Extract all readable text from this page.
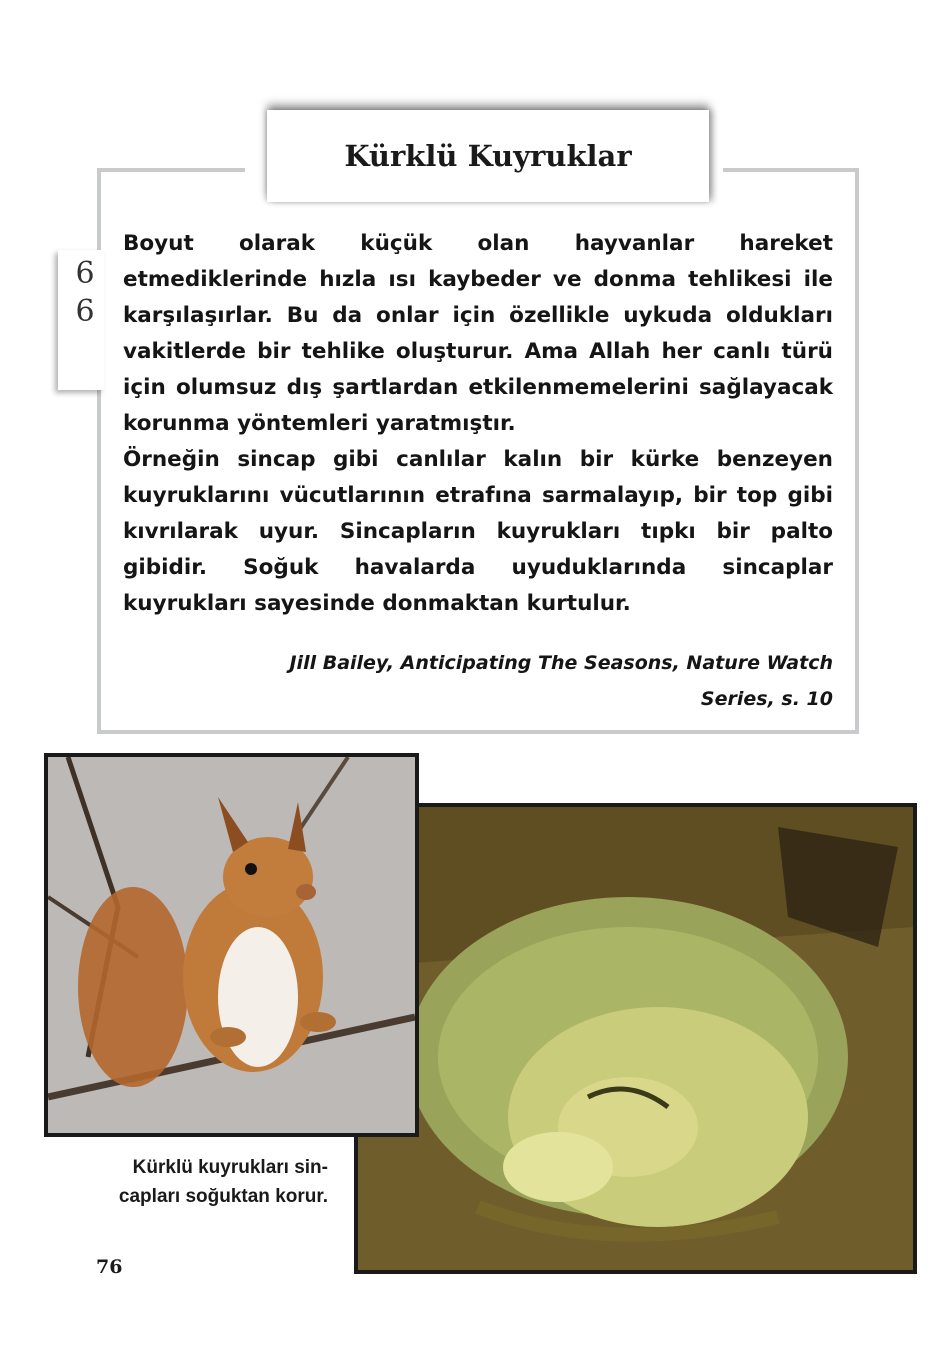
Kürklü Kuyruklar
6
6

Boyut olarak küçük olan hayvanlar hareket etmediklerinde hızla ısı kaybeder ve donma tehlikesi ile karşılaşırlar. Bu da onlar için özellikle uykuda oldukları vakitlerde bir tehlike oluşturur. Ama Allah her canlı türü için olumsuz dış şartlardan etkilenmemelerini sağlayacak korunma yöntemleri yaratmıştır.

Örneğin sincap gibi canlılar kalın bir kürke benzeyen kuyruklarını vücutlarının etrafına sarmalayıp, bir top gibi kıvrılarak uyur. Sincapların kuyrukları tıpkı bir palto gibidir. Soğuk havalarda uyuduklarında sincaplar kuyrukları sayesinde donmaktan kurtulur.

Jill Bailey, Anticipating The Seasons, Nature Watch
Series, s. 10
Kürklü kuyrukları sin-
capları soğuktan korur.
76
